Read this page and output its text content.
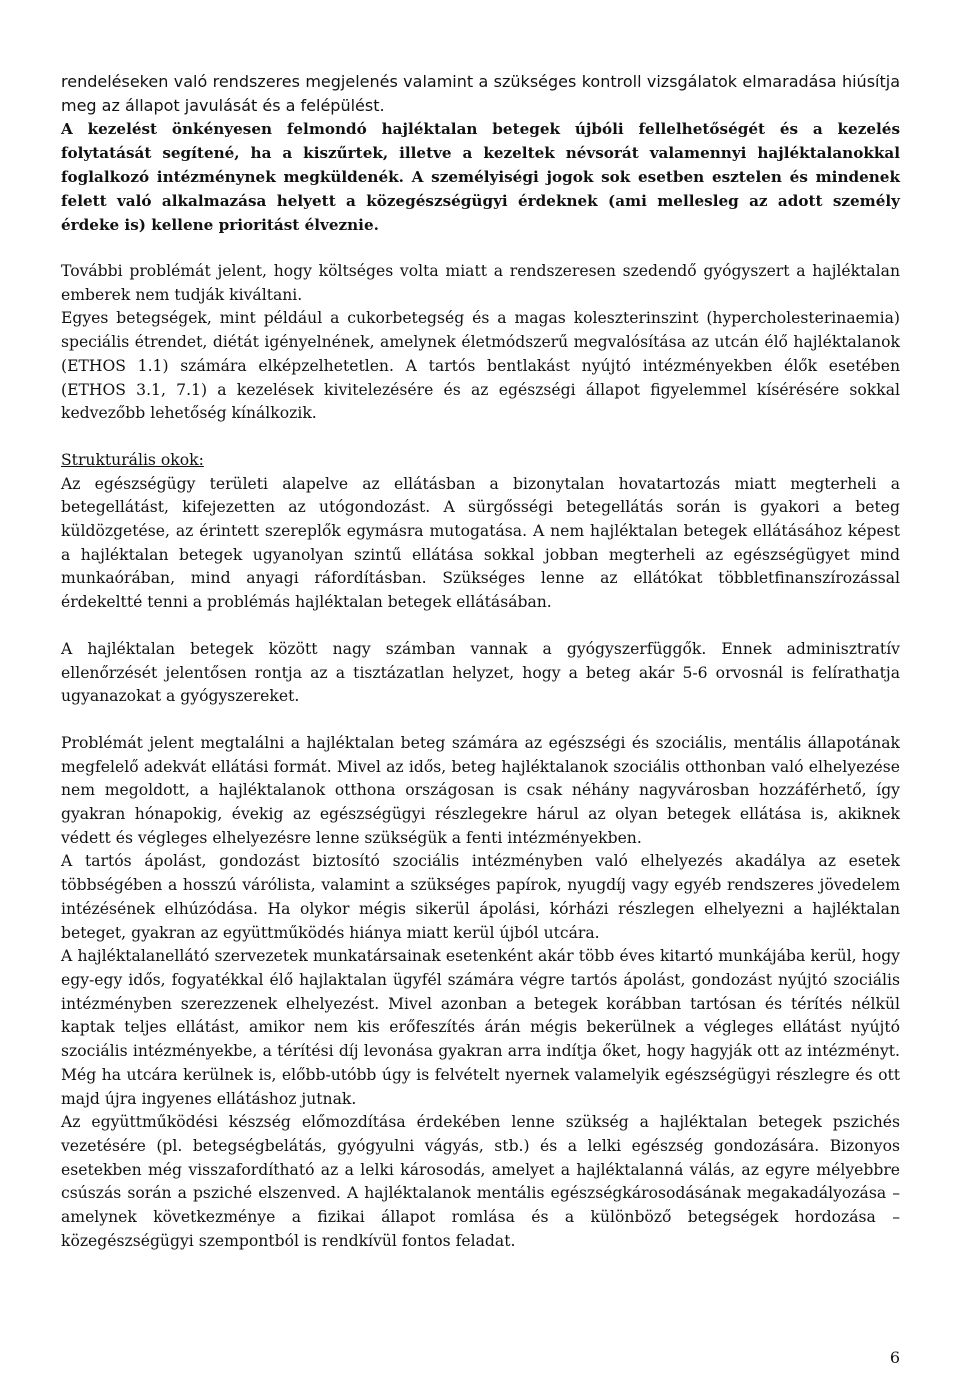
rendeléseken való rendszeres megjelenés valamint a szükséges kontroll vizsgálatok elmaradása hiúsítja meg az állapot javulását és a felépülést.

A kezelést önkényesen felmondó hajléktalan betegek újbóli fellelhetőségét és a kezelés folytatását segítené, ha a kiszűrtek, illetve a kezeltek névsorát valamennyi hajléktalanokkal foglalkozó intézménynek megküldenék. A személyiségi jogok sok esetben esztelen és mindenek felett való alkalmazása helyett a közegészségügyi érdeknek (ami mellesleg az adott személy érdeke is) kellene prioritást élveznie.

További problémát jelent, hogy költséges volta miatt a rendszeresen szedendő gyógyszert a hajléktalan emberek nem tudják kiváltani.

Egyes betegségek, mint például a cukorbetegség és a magas koleszterinszint (hypercholesterinaemia) speciális étrendet, diétát igényelnének, amelynek életmódszerű megvalósítása az utcán élő hajléktalanok (ETHOS 1.1) számára elképzelhetetlen. A tartós bentlakást nyújtó intézményekben élők esetében (ETHOS 3.1, 7.1) a kezelések kivitelezésére és az egészségi állapot figyelemmel kísérésére sokkal kedvezőbb lehetőség kínálkozik.

Strukturális okok:

Az egészségügy területi alapelve az ellátásban a bizonytalan hovatartozás miatt megterheli a betegellátást, kifejezetten az utógondozást. A sürgősségi betegellátás során is gyakori a beteg küldözgetése, az érintett szereplők egymásra mutogatása. A nem hajléktalan betegek ellátásához képest a hajléktalan betegek ugyanolyan szintű ellátása sokkal jobban megterheli az egészségügyet mind munkaórában, mind anyagi ráfordításban. Szükséges lenne az ellátókat többletfinanszírozással érdekeltté tenni a problémás hajléktalan betegek ellátásában.

A hajléktalan betegek között nagy számban vannak a gyógyszerfüggők. Ennek adminisztratív ellenőrzését jelentősen rontja az a tisztázatlan helyzet, hogy a beteg akár 5-6 orvosnál is felírathatja ugyanazokat a gyógyszereket.

Problémát jelent megtalálni a hajléktalan beteg számára az egészségi és szociális, mentális állapotának megfelelő adekvát ellátási formát. Mivel az idős, beteg hajléktalanok szociális otthonban való elhelyezése nem megoldott, a hajléktalanok otthona országosan is csak néhány nagyvárosban hozzáférhető, így gyakran hónapokig, évekig az egészségügyi részlegekre hárul az olyan betegek ellátása is, akiknek védett és végleges elhelyezésre lenne szükségük a fenti intézményekben.

A tartós ápolást, gondozást biztosító szociális intézményben való elhelyezés akadálya az esetek többségében a hosszú várólista, valamint a szükséges papírok, nyugdíj vagy egyéb rendszeres jövedelem intézésének elhúzódása. Ha olykor mégis sikerül ápolási, kórházi részlegen elhelyezni a hajléktalan beteget, gyakran az együttműködés hiánya miatt kerül újból utcára.

A hajléktalanellátó szervezetek munkatársainak esetenként akár több éves kitartó munkájába kerül, hogy egy-egy idős, fogyatékkal élő hajlaktalan ügyfél számára végre tartós ápolást, gondozást nyújtó szociális intézményben szerezzenek elhelyezést. Mivel azonban a betegek korábban tartósan és térítés nélkül kaptak teljes ellátást, amikor nem kis erőfeszítés árán mégis bekerülnek a végleges ellátást nyújtó szociális intézményekbe, a térítési díj levonása gyakran arra indítja őket, hogy hagyják ott az intézményt. Még ha utcára kerülnek is, előbb-utóbb úgy is felvételt nyernek valamelyik egészségügyi részlegre és ott majd újra ingyenes ellátáshoz jutnak.

Az együttműködési készség előmozdítása érdekében lenne szükség a hajléktalan betegek pszichés vezetésére (pl. betegségbelátás, gyógyulni vágyás, stb.) és a lelki egészség gondozására. Bizonyos esetekben még visszafordítható az a lelki károsodás, amelyet a hajléktalanná válás, az egyre mélyebbre csúszás során a psziché elszenved. A hajléktalanok mentális egészségkárosodásának megakadályozása –amelynek következménye a fizikai állapot romlása és a különböző betegségek hordozása – közegészségügyi szempontból is rendkívül fontos feladat.

6
